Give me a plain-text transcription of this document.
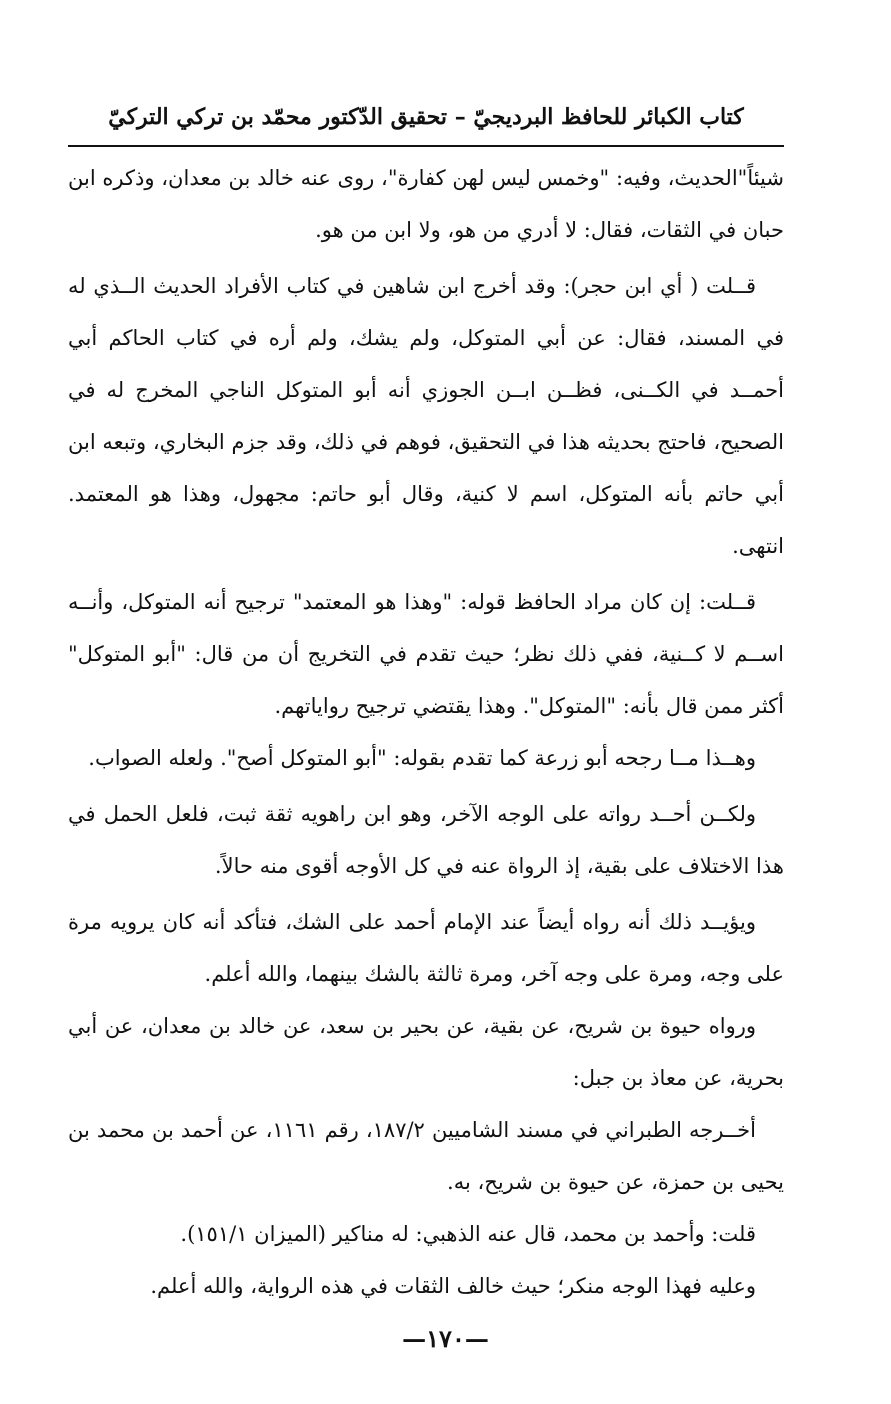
كتاب الكبائر للحافظ البرديجيّ – تحقيق الدّكتور محمّد بن تركي التركيّ

شيئاً"الحديث، وفيه: "وخمس ليس لهن كفارة"، روى عنه خالد بن معدان، وذكره ابن حبان في الثقات، فقال: لا أدري من هو، ولا ابن من هو.

قــلت ( أي ابن حجر): وقد أخرج ابن شاهين في كتاب الأفراد الحديث الــذي له في المسند، فقال: عن أبي المتوكل، ولم يشك، ولم أره في كتاب الحاكم أبي أحمــد في الكــنى، فظــن ابــن الجوزي أنه أبو المتوكل الناجي المخرج له في الصحيح، فاحتج بحديثه هذا في التحقيق، فوهم في ذلك، وقد جزم البخاري، وتبعه ابن أبي حاتم بأنه المتوكل، اسم لا كنية، وقال أبو حاتم: مجهول، وهذا هو المعتمد. انتهى.

قــلت: إن كان مراد الحافظ قوله: "وهذا هو المعتمد" ترجيح أنه المتوكل، وأنــه اســم لا كــنية، ففي ذلك نظر؛ حيث تقدم في التخريج أن من قال: "أبو المتوكل" أكثر ممن قال بأنه: "المتوكل". وهذا يقتضي ترجيح رواياتهم.

وهــذا مــا رجحه أبو زرعة كما تقدم بقوله: "أبو المتوكل أصح". ولعله الصواب.

ولكــن أحــد رواته على الوجه الآخر، وهو ابن راهويه ثقة ثبت، فلعل الحمل في هذا الاختلاف على بقية، إذ الرواة عنه في كل الأوجه أقوى منه حالاً.

ويؤيــد ذلك أنه رواه أيضاً عند الإمام أحمد على الشك، فتأكد أنه كان يرويه مرة على وجه، ومرة على وجه آخر، ومرة ثالثة بالشك بينهما، والله أعلم.

ورواه حيوة بن شريح، عن بقية، عن بحير بن سعد، عن خالد بن معدان، عن أبي بحرية، عن معاذ بن جبل:

أخــرجه الطبراني في مسند الشاميين ١٨٧/٢، رقم ١١٦١، عن أحمد بن محمد بن يحيى بن حمزة، عن حيوة بن شريح، به.

قلت: وأحمد بن محمد، قال عنه الذهبي: له مناكير (الميزان ١٥١/١).

وعليه فهذا الوجه منكر؛ حيث خالف الثقات في هذه الرواية، والله أعلم.

—١٧٠—
